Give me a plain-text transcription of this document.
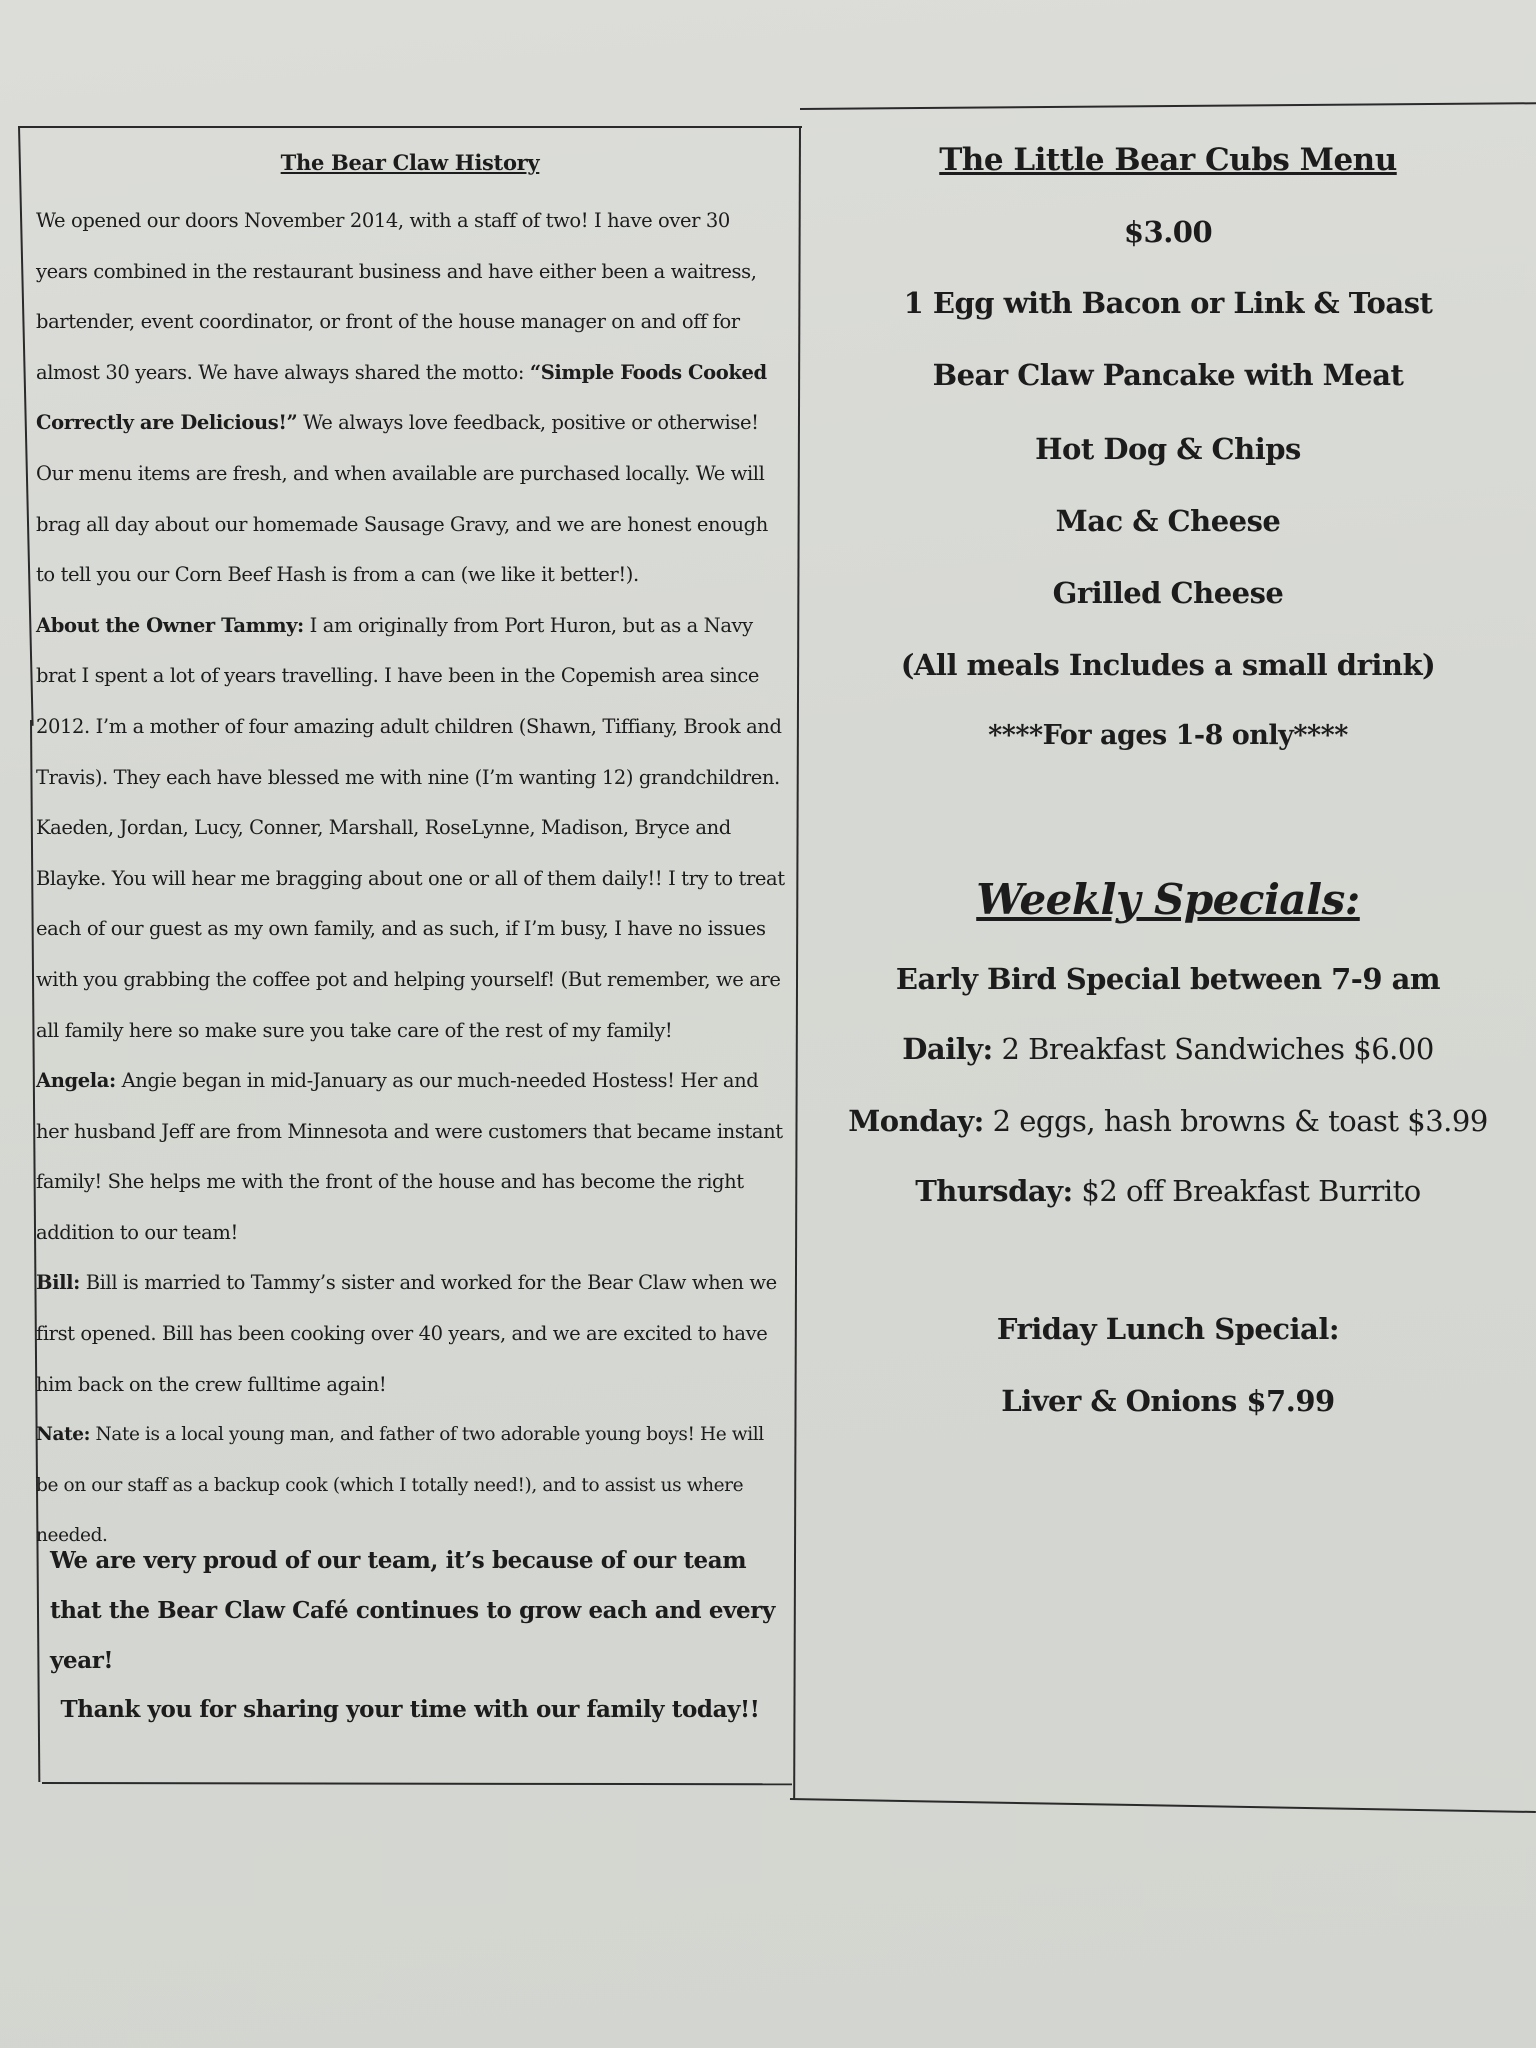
The Bear Claw History

We opened our doors November 2014, with a staff of two! I have over 30 years combined in the restaurant business and have either been a waitress, bartender, event coordinator, or front of the house manager on and off for almost 30 years. We have always shared the motto: “Simple Foods Cooked Correctly are Delicious!” We always love feedback, positive or otherwise! Our menu items are fresh, and when available are purchased locally. We will brag all day about our homemade Sausage Gravy, and we are honest enough to tell you our Corn Beef Hash is from a can (we like it better!).

About the Owner Tammy: I am originally from Port Huron, but as a Navy brat I spent a lot of years travelling. I have been in the Copemish area since 2012. I’m a mother of four amazing adult children (Shawn, Tiffiany, Brook and Travis). They each have blessed me with nine (I’m wanting 12) grandchildren. Kaeden, Jordan, Lucy, Conner, Marshall, RoseLynne, Madison, Bryce and Blayke. You will hear me bragging about one or all of them daily!! I try to treat each of our guest as my own family, and as such, if I’m busy, I have no issues with you grabbing the coffee pot and helping yourself! (But remember, we are all family here so make sure you take care of the rest of my family!

Angela: Angie began in mid-January as our much-needed Hostess! Her and her husband Jeff are from Minnesota and were customers that became instant family! She helps me with the front of the house and has become the right addition to our team!

Bill: Bill is married to Tammy’s sister and worked for the Bear Claw when we first opened. Bill has been cooking over 40 years, and we are excited to have him back on the crew fulltime again!

Nate: Nate is a local young man, and father of two adorable young boys! He will be on our staff as a backup cook (which I totally need!), and to assist us where needed.

We are very proud of our team, it’s because of our team that the Bear Claw Café continues to grow each and every year!
Thank you for sharing your time with our family today!!
The Little Bear Cubs Menu
$3.00
1 Egg with Bacon or Link & Toast
Bear Claw Pancake with Meat
Hot Dog & Chips
Mac & Cheese
Grilled Cheese
(All meals Includes a small drink)
****For ages 1-8 only****
Weekly Specials:
Early Bird Special between 7-9 am
Daily: 2 Breakfast Sandwiches $6.00
Monday: 2 eggs, hash browns & toast $3.99
Thursday: $2 off Breakfast Burrito
Friday Lunch Special:
Liver & Onions $7.99
